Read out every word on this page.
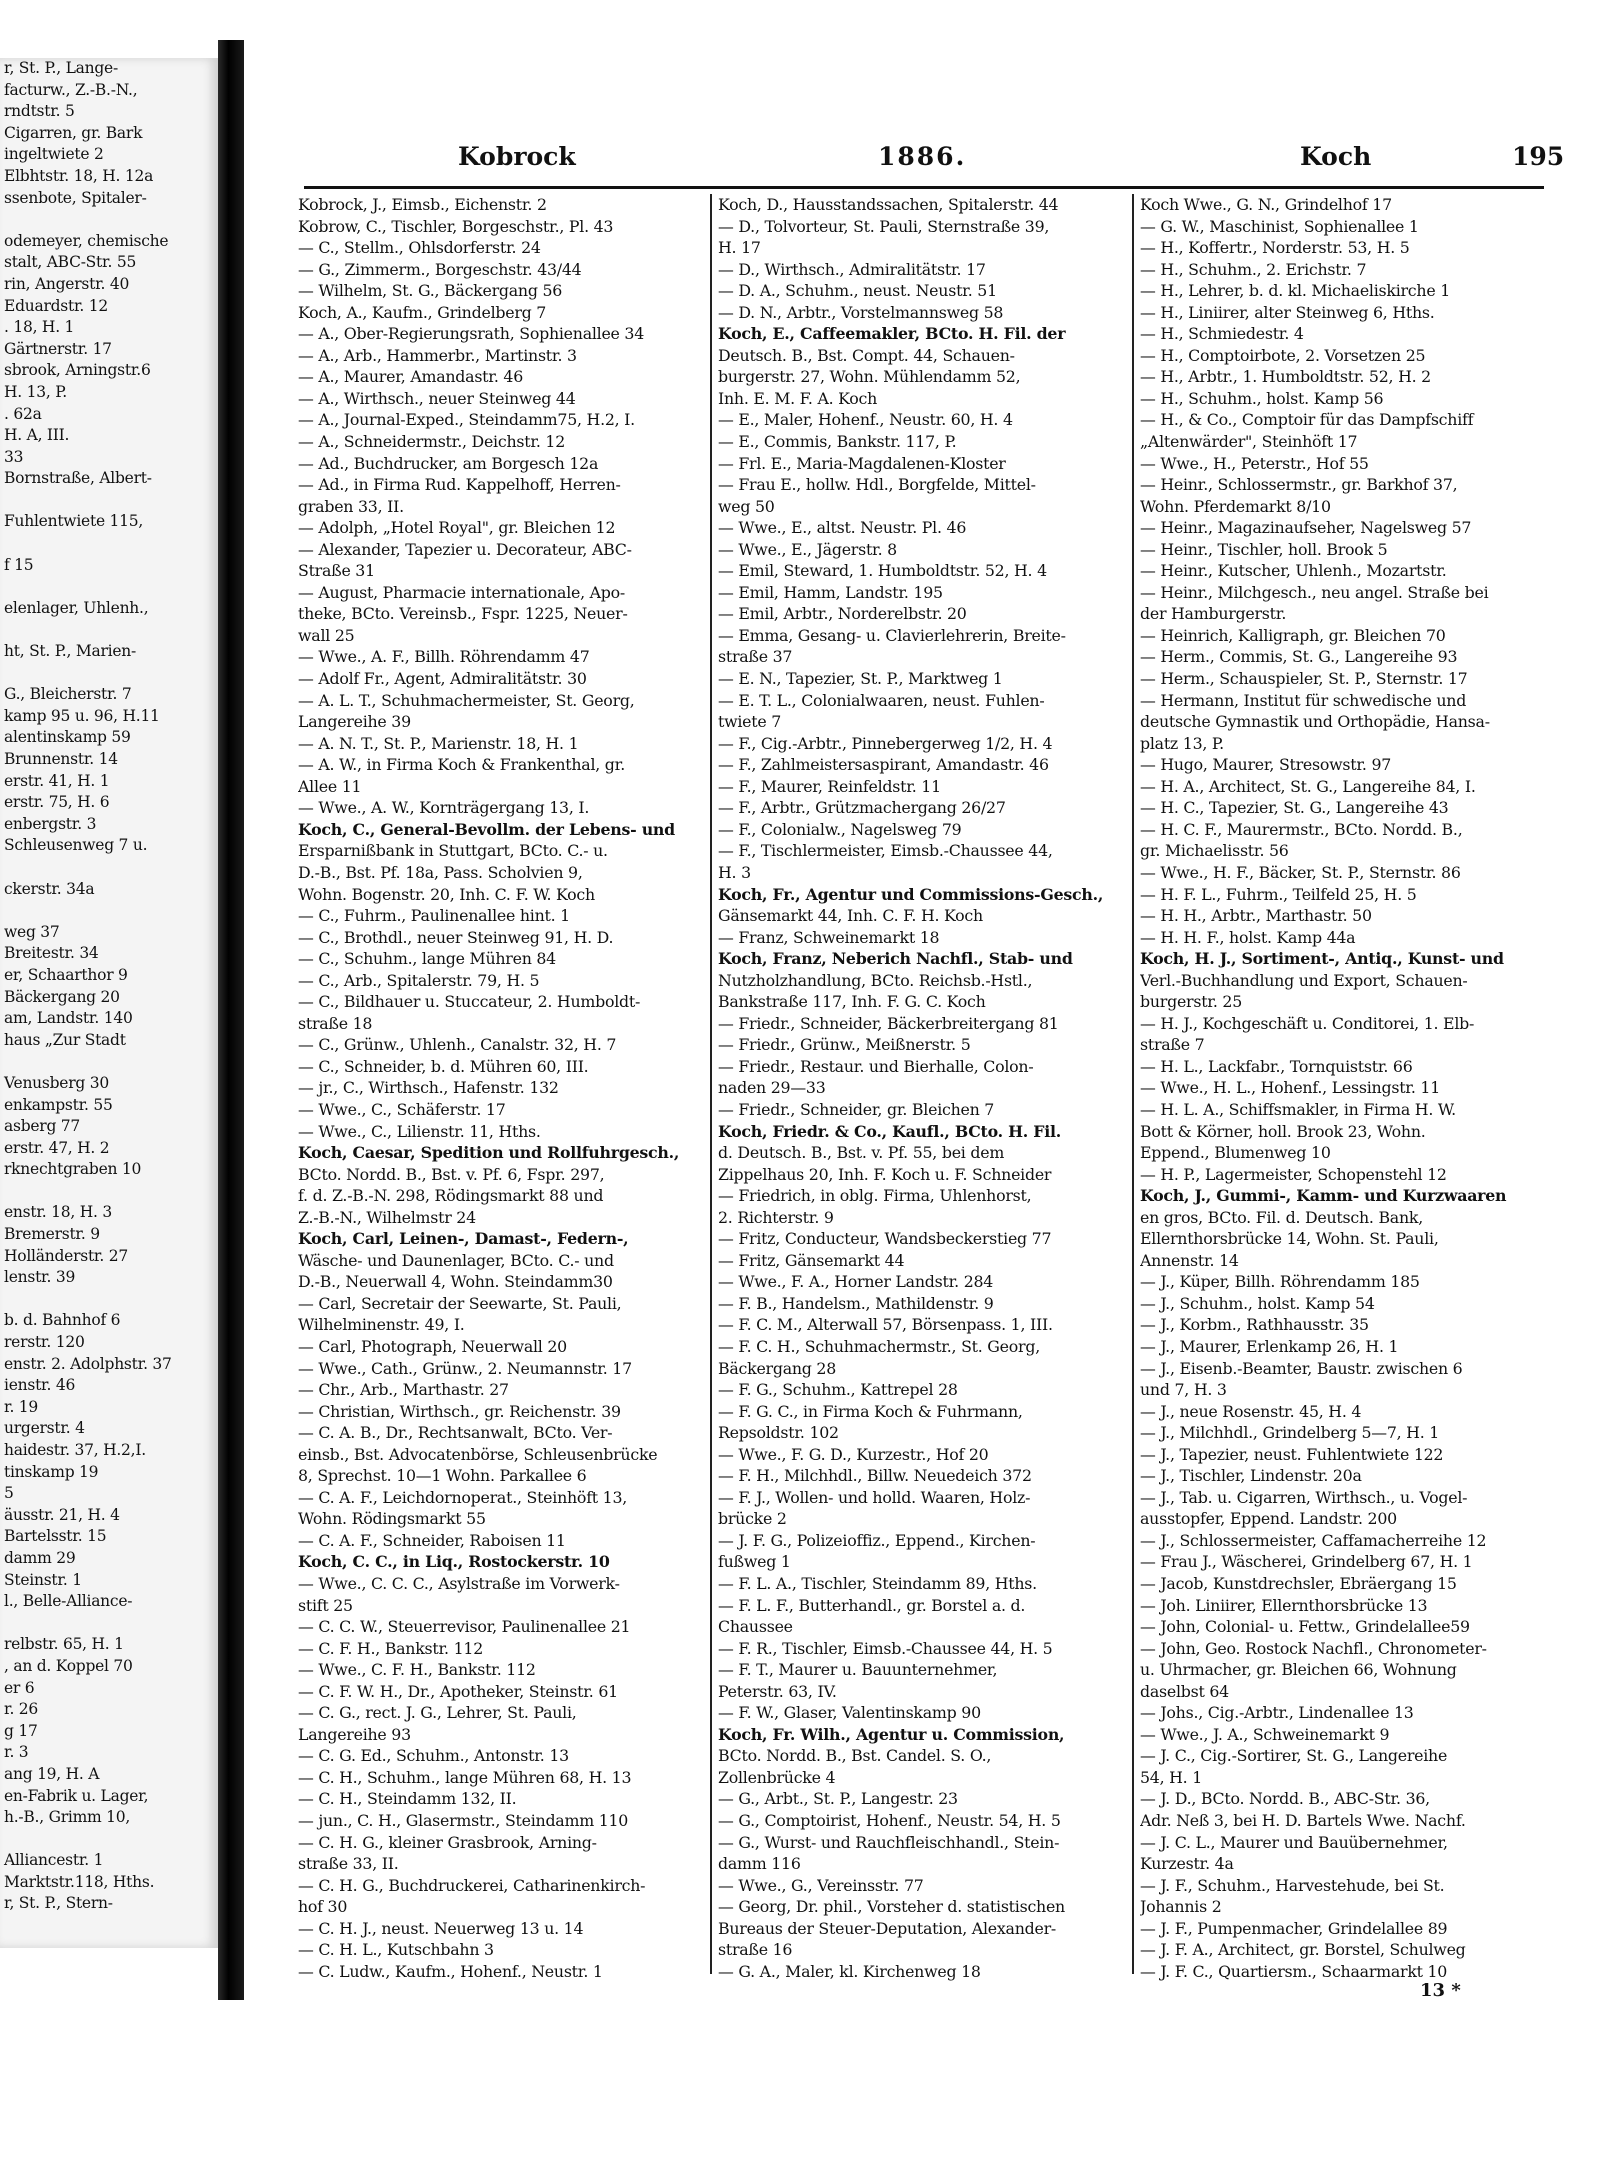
r, St. P., Lange-
facturw., Z.-B.-N.,
rndtstr. 5
Cigarren, gr. Bark
ingeltwiete 2
Elbhtstr. 18, H. 12a
ssenbote, Spitaler-

odemeyer, chemische
stalt, ABC-Str. 55
rin, Angerstr. 40
Eduardstr. 12
. 18, H. 1
Gärtnerstr. 17
sbrook, Arningstr.6
H. 13, P.
. 62a
H. A, III.
33
Bornstraße, Albert-

Fuhlentwiete 115,

f 15

elenlager, Uhlenh.,

ht, St. P., Marien-

G., Bleicherstr. 7
kamp 95 u. 96, H.11
alentinskamp 59
Brunnenstr. 14
erstr. 41, H. 1
erstr. 75, H. 6
enbergstr. 3
Schleusenweg 7 u.

ckerstr. 34a

weg 37
Breitestr. 34
er, Schaarthor 9
Bäckergang 20
am, Landstr. 140
haus „Zur Stadt

Venusberg 30
enkampstr. 55
asberg 77
erstr. 47, H. 2
rknechtgraben 10

enstr. 18, H. 3
Bremerstr. 9
Holländerstr. 27
lenstr. 39

b. d. Bahnhof 6
rerstr. 120
enstr. 2. Adolphstr. 37
ienstr. 46
r. 19
urgerstr. 4
haidestr. 37, H.2,I.
tinskamp 19
5
äusstr. 21, H. 4
Bartelsstr. 15
damm 29
Steinstr. 1
l., Belle-Alliance-

relbstr. 65, H. 1
, an d. Koppel 70
er 6
r. 26
g 17
r. 3
ang 19, H. A
en-Fabrik u. Lager,
h.-B., Grimm 10,

Alliancestr. 1
Marktstr.118, Hths.
r, St. P., Stern-
Kobrock	1886.	Koch	195
Kobrock, J., Eimsb., Eichenstr. 2
Kobrow, C., Tischler, Borgeschstr., Pl. 43
— C., Stellm., Ohlsdorferstr. 24
— G., Zimmerm., Borgeschstr. 43/44
— Wilhelm, St. G., Bäckergang 56
Koch, A., Kaufm., Grindelberg 7
— A., Ober-Regierungsrath, Sophienallee 34
— A., Arb., Hammerbr., Martinstr. 3
— A., Maurer, Amandastr. 46
— A., Wirthsch., neuer Steinweg 44
— A., Journal-Exped., Steindamm75, H.2, I.
— A., Schneidermstr., Deichstr. 12
— Ad., Buchdrucker, am Borgesch 12a
— Ad., in Firma Rud. Kappelhoff, Herren-
graben 33, II.
— Adolph, „Hotel Royal", gr. Bleichen 12
— Alexander, Tapezier u. Decorateur, ABC-
Straße 31
— August, Pharmacie internationale, Apo-
theke, BCto. Vereinsb., Fspr. 1225, Neuer-
wall 25
— Wwe., A. F., Billh. Röhrendamm 47
— Adolf Fr., Agent, Admiralitätstr. 30
— A. L. T., Schuhmachermeister, St. Georg,
Langereihe 39
— A. N. T., St. P., Marienstr. 18, H. 1
— A. W., in Firma Koch & Frankenthal, gr.
Allee 11
— Wwe., A. W., Kornträgergang 13, I.
Koch, C., General-Bevollm. der Lebens- und
Ersparnißbank in Stuttgart, BCto. C.- u.
D.-B., Bst. Pf. 18a, Pass. Scholvien 9,
Wohn. Bogenstr. 20, Inh. C. F. W. Koch
— C., Fuhrm., Paulinenallee hint. 1
— C., Brothdl., neuer Steinweg 91, H. D.
— C., Schuhm., lange Mühren 84
— C., Arb., Spitalerstr. 79, H. 5
— C., Bildhauer u. Stuccateur, 2. Humboldt-
straße 18
— C., Grünw., Uhlenh., Canalstr. 32, H. 7
— C., Schneider, b. d. Mühren 60, III.
— jr., C., Wirthsch., Hafenstr. 132
— Wwe., C., Schäferstr. 17
— Wwe., C., Lilienstr. 11, Hths.
Koch, Caesar, Spedition und Rollfuhrgesch.,
BCto. Nordd. B., Bst. v. Pf. 6, Fspr. 297,
f. d. Z.-B.-N. 298, Rödingsmarkt 88 und
Z.-B.-N., Wilhelmstr 24
Koch, Carl, Leinen-, Damast-, Federn-,
Wäsche- und Daunenlager, BCto. C.- und
D.-B., Neuerwall 4, Wohn. Steindamm30
— Carl, Secretair der Seewarte, St. Pauli,
Wilhelminenstr. 49, I.
— Carl, Photograph, Neuerwall 20
— Wwe., Cath., Grünw., 2. Neumannstr. 17
— Chr., Arb., Marthastr. 27
— Christian, Wirthsch., gr. Reichenstr. 39
— C. A. B., Dr., Rechtsanwalt, BCto. Ver-
einsb., Bst. Advocatenbörse, Schleusenbrücke
8, Sprechst. 10—1 Wohn. Parkallee 6
— C. A. F., Leichdornoperat., Steinhöft 13,
Wohn. Rödingsmarkt 55
— C. A. F., Schneider, Raboisen 11
Koch, C. C., in Liq., Rostockerstr. 10
— Wwe., C. C. C., Asylstraße im Vorwerk-
stift 25
— C. C. W., Steuerrevisor, Paulinenallee 21
— C. F. H., Bankstr. 112
— Wwe., C. F. H., Bankstr. 112
— C. F. W. H., Dr., Apotheker, Steinstr. 61
— C. G., rect. J. G., Lehrer, St. Pauli,
Langereihe 93
— C. G. Ed., Schuhm., Antonstr. 13
— C. H., Schuhm., lange Mühren 68, H. 13
— C. H., Steindamm 132, II.
— jun., C. H., Glasermstr., Steindamm 110
— C. H. G., kleiner Grasbrook, Arning-
straße 33, II.
— C. H. G., Buchdruckerei, Catharinenkirch-
hof 30
— C. H. J., neust. Neuerweg 13 u. 14
— C. H. L., Kutschbahn 3
— C. Ludw., Kaufm., Hohenf., Neustr. 1
Koch, D., Hausstandssachen, Spitalerstr. 44
— D., Tolvorteur, St. Pauli, Sternstraße 39,
H. 17
— D., Wirthsch., Admiralitätstr. 17
— D. A., Schuhm., neust. Neustr. 51
— D. N., Arbtr., Vorstelmannsweg 58
Koch, E., Caffeemakler, BCto. H. Fil. der
Deutsch. B., Bst. Compt. 44, Schauen-
burgerstr. 27, Wohn. Mühlendamm 52,
Inh. E. M. F. A. Koch
— E., Maler, Hohenf., Neustr. 60, H. 4
— E., Commis, Bankstr. 117, P.
— Frl. E., Maria-Magdalenen-Kloster
— Frau E., hollw. Hdl., Borgfelde, Mittel-
weg 50
— Wwe., E., altst. Neustr. Pl. 46
— Wwe., E., Jägerstr. 8
— Emil, Steward, 1. Humboldtstr. 52, H. 4
— Emil, Hamm, Landstr. 195
— Emil, Arbtr., Norderelbstr. 20
— Emma, Gesang- u. Clavierlehrerin, Breite-
straße 37
— E. N., Tapezier, St. P., Marktweg 1
— E. T. L., Colonialwaaren, neust. Fuhlen-
twiete 7
— F., Cig.-Arbtr., Pinnebergerweg 1/2, H. 4
— F., Zahlmeistersaspirant, Amandastr. 46
— F., Maurer, Reinfeldstr. 11
— F., Arbtr., Grützmachergang 26/27
— F., Colonialw., Nagelsweg 79
— F., Tischlermeister, Eimsb.-Chaussee 44,
H. 3
Koch, Fr., Agentur und Commissions-Gesch.,
Gänsemarkt 44, Inh. C. F. H. Koch
— Franz, Schweinemarkt 18
Koch, Franz, Neberich Nachfl., Stab- und
Nutzholzhandlung, BCto. Reichsb.-Hstl.,
Bankstraße 117, Inh. F. G. C. Koch
— Friedr., Schneider, Bäckerbreitergang 81
— Friedr., Grünw., Meißnerstr. 5
— Friedr., Restaur. und Bierhalle, Colon-
naden 29—33
— Friedr., Schneider, gr. Bleichen 7
Koch, Friedr. & Co., Kaufl., BCto. H. Fil.
d. Deutsch. B., Bst. v. Pf. 55, bei dem
Zippelhaus 20, Inh. F. Koch u. F. Schneider
— Friedrich, in oblg. Firma, Uhlenhorst,
2. Richterstr. 9
— Fritz, Conducteur, Wandsbeckerstieg 77
— Fritz, Gänsemarkt 44
— Wwe., F. A., Horner Landstr. 284
— F. B., Handelsm., Mathildenstr. 9
— F. C. M., Alterwall 57, Börsenpass. 1, III.
— F. C. H., Schuhmachermstr., St. Georg,
Bäckergang 28
— F. G., Schuhm., Kattrepel 28
— F. G. C., in Firma Koch & Fuhrmann,
Repsoldstr. 102
— Wwe., F. G. D., Kurzestr., Hof 20
— F. H., Milchhdl., Billw. Neuedeich 372
— F. J., Wollen- und holld. Waaren, Holz-
brücke 2
— J. F. G., Polizeioffiz., Eppend., Kirchen-
fußweg 1
— F. L. A., Tischler, Steindamm 89, Hths.
— F. L. F., Butterhandl., gr. Borstel a. d.
Chaussee
— F. R., Tischler, Eimsb.-Chaussee 44, H. 5
— F. T., Maurer u. Bauunternehmer,
Peterstr. 63, IV.
— F. W., Glaser, Valentinskamp 90
Koch, Fr. Wilh., Agentur u. Commission,
BCto. Nordd. B., Bst. Candel. S. O.,
Zollenbrücke 4
— G., Arbt., St. P., Langestr. 23
— G., Comptoirist, Hohenf., Neustr. 54, H. 5
— G., Wurst- und Rauchfleischhandl., Stein-
damm 116
— Wwe., G., Vereinsstr. 77
— Georg, Dr. phil., Vorsteher d. statistischen
Bureaus der Steuer-Deputation, Alexander-
straße 16
— G. A., Maler, kl. Kirchenweg 18
Koch Wwe., G. N., Grindelhof 17
— G. W., Maschinist, Sophienallee 1
— H., Koffertr., Norderstr. 53, H. 5
— H., Schuhm., 2. Erichstr. 7
— H., Lehrer, b. d. kl. Michaeliskirche 1
— H., Liniirer, alter Steinweg 6, Hths.
— H., Schmiedestr. 4
— H., Comptoirbote, 2. Vorsetzen 25
— H., Arbtr., 1. Humboldtstr. 52, H. 2
— H., Schuhm., holst. Kamp 56
— H., & Co., Comptoir für das Dampfschiff
„Altenwärder", Steinhöft 17
— Wwe., H., Peterstr., Hof 55
— Heinr., Schlossermstr., gr. Barkhof 37,
Wohn. Pferdemarkt 8/10
— Heinr., Magazinaufseher, Nagelsweg 57
— Heinr., Tischler, holl. Brook 5
— Heinr., Kutscher, Uhlenh., Mozartstr.
— Heinr., Milchgesch., neu angel. Straße bei
der Hamburgerstr.
— Heinrich, Kalligraph, gr. Bleichen 70
— Herm., Commis, St. G., Langereihe 93
— Herm., Schauspieler, St. P., Sternstr. 17
— Hermann, Institut für schwedische und
deutsche Gymnastik und Orthopädie, Hansa-
platz 13, P.
— Hugo, Maurer, Stresowstr. 97
— H. A., Architect, St. G., Langereihe 84, I.
— H. C., Tapezier, St. G., Langereihe 43
— H. C. F., Maurermstr., BCto. Nordd. B.,
gr. Michaelisstr. 56
— Wwe., H. F., Bäcker, St. P., Sternstr. 86
— H. F. L., Fuhrm., Teilfeld 25, H. 5
— H. H., Arbtr., Marthastr. 50
— H. H. F., holst. Kamp 44a
Koch, H. J., Sortiment-, Antiq., Kunst- und
Verl.-Buchhandlung und Export, Schauen-
burgerstr. 25
— H. J., Kochgeschäft u. Conditorei, 1. Elb-
straße 7
— H. L., Lackfabr., Tornquiststr. 66
— Wwe., H. L., Hohenf., Lessingstr. 11
— H. L. A., Schiffsmakler, in Firma H. W.
Bott & Körner, holl. Brook 23, Wohn.
Eppend., Blumenweg 10
— H. P., Lagermeister, Schopenstehl 12
Koch, J., Gummi-, Kamm- und Kurzwaaren
en gros, BCto. Fil. d. Deutsch. Bank,
Ellernthorsbrücke 14, Wohn. St. Pauli,
Annenstr. 14
— J., Küper, Billh. Röhrendamm 185
— J., Schuhm., holst. Kamp 54
— J., Korbm., Rathhausstr. 35
— J., Maurer, Erlenkamp 26, H. 1
— J., Eisenb.-Beamter, Baustr. zwischen 6
und 7, H. 3
— J., neue Rosenstr. 45, H. 4
— J., Milchhdl., Grindelberg 5—7, H. 1
— J., Tapezier, neust. Fuhlentwiete 122
— J., Tischler, Lindenstr. 20a
— J., Tab. u. Cigarren, Wirthsch., u. Vogel-
ausstopfer, Eppend. Landstr. 200
— J., Schlossermeister, Caffamacherreihe 12
— Frau J., Wäscherei, Grindelberg 67, H. 1
— Jacob, Kunstdrechsler, Ebräergang 15
— Joh. Liniirer, Ellernthorsbrücke 13
— John, Colonial- u. Fettw., Grindelallee59
— John, Geo. Rostock Nachfl., Chronometer-
u. Uhrmacher, gr. Bleichen 66, Wohnung
daselbst 64
— Johs., Cig.-Arbtr., Lindenallee 13
— Wwe., J. A., Schweinemarkt 9
— J. C., Cig.-Sortirer, St. G., Langereihe
54, H. 1
— J. D., BCto. Nordd. B., ABC-Str. 36,
Adr. Neß 3, bei H. D. Bartels Wwe. Nachf.
— J. C. L., Maurer und Bauübernehmer,
Kurzestr. 4a
— J. F., Schuhm., Harvestehude, bei St.
Johannis 2
— J. F., Pumpenmacher, Grindelallee 89
— J. F. A., Architect, gr. Borstel, Schulweg
— J. F. C., Quartiersm., Schaarmarkt 10
13 *
